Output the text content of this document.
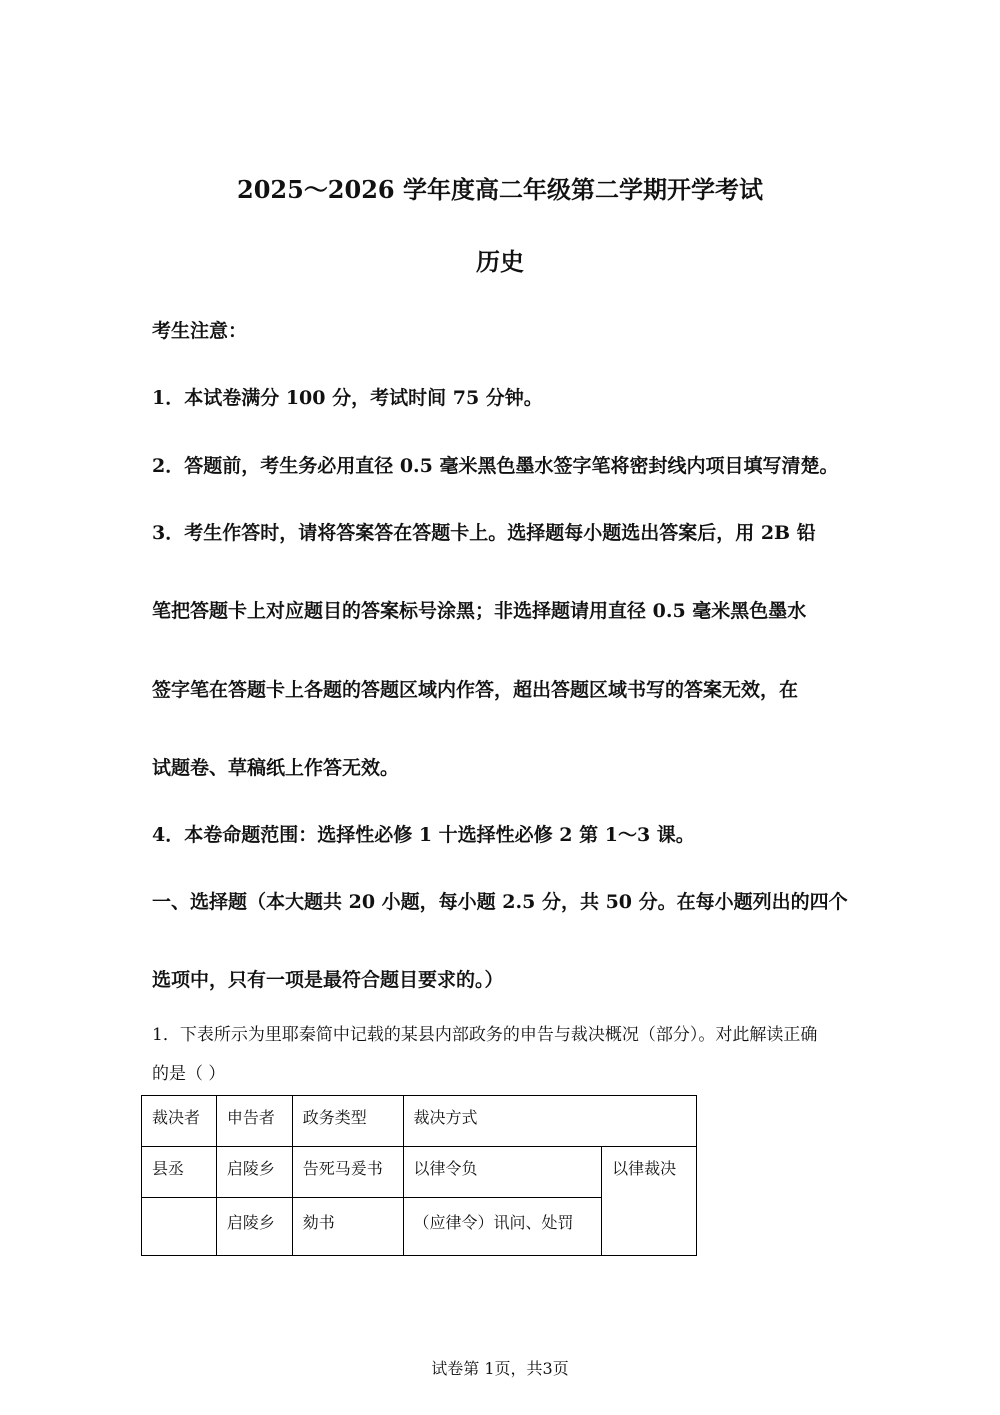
2025～2026 学年度高二年级第二学期开学考试
历史
考生注意：
1．本试卷满分 100 分，考试时间 75 分钟。
2．答题前，考生务必用直径 0.5 毫米黑色墨水签字笔将密封线内项目填写清楚。
3．考生作答时，请将答案答在答题卡上。选择题每小题选出答案后，用 2B 铅
笔把答题卡上对应题目的答案标号涂黑；非选择题请用直径 0.5 毫米黑色墨水
签字笔在答题卡上各题的答题区域内作答，超出答题区域书写的答案无效，在
试题卷、草稿纸上作答无效。
4．本卷命题范围：选择性必修 1 十选择性必修 2 第 1～3 课。
一、选择题（本大题共 20 小题，每小题 2.5 分，共 50 分。在每小题列出的四个
选项中，只有一项是最符合题目要求的。）
1．下表所示为里耶秦简中记载的某县内部政务的申告与裁决概况（部分）。对此解读正确
的是（ ）
裁决者	申告者	政务类型	裁决方式	
县丞	启陵乡	告死马爰书	以律令负	以律裁决
	启陵乡	劾书	（应律令）讯问、处罚	
试卷第 1页，共3页
